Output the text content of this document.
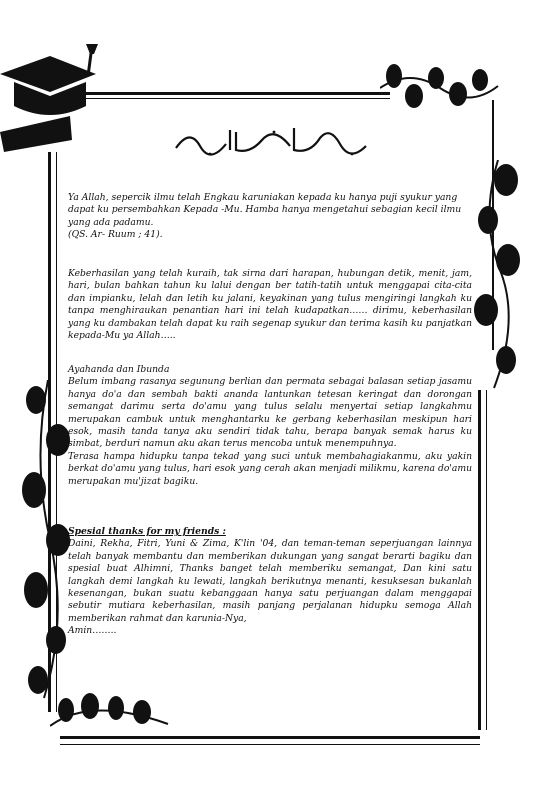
Ya Allah, sepercik ilmu telah Engkau karuniakan kepada ku hanya puji syukur yang dapat ku persembahkan Kepada -Mu. Hamba hanya mengetahui sebagian kecil ilmu yang ada padamu.

(QS. Ar- Ruum ; 41).

Keberhasilan yang telah kuraih, tak sirna dari harapan, hubungan detik, menit, jam, hari, bulan bahkan tahun ku lalui dengan ber tatih-tatih untuk menggapai cita-cita dan impianku, lelah dan letih ku jalani, keyakinan yang tulus mengiringi langkah ku tanpa menghiraukan penantian hari ini telah kudapatkan…… dirimu, keberhasilan yang ku dambakan telah dapat ku raih segenap syukur dan terima kasih ku panjatkan kepada-Mu ya Allah…..

Ayahanda dan Ibunda

Belum imbang rasanya segunung berlian dan permata sebagai balasan setiap jasamu hanya do'a dan sembah bakti ananda lantunkan tetesan keringat dan dorongan semangat darimu serta do'amu yang tulus selalu menyertai setiap langkahmu merupakan cambuk untuk menghantarku ke gerbang keberhasilan meskipun hari esok, masih tanda tanya aku sendiri tidak tahu, berapa banyak semak harus ku simbat, berduri namun aku akan terus mencoba untuk menempuhnya.

Terasa hampa hidupku tanpa tekad yang suci untuk membahagiakanmu, aku yakin berkat do'amu yang tulus, hari esok yang cerah akan menjadi milikmu, karena do'amu merupakan mu'jizat bagiku.

Spesial thanks for my friends :

Daini, Rekha, Fitri, Yuni & Zima, K'lin '04, dan teman-teman seperjuangan lainnya telah banyak membantu dan memberikan dukungan yang sangat berarti bagiku dan spesial buat Alhimni, Thanks banget telah memberiku semangat, Dan kini satu langkah demi langkah ku lewati, langkah berikutnya menanti, kesuksesan bukanlah kesenangan, bukan suatu kebanggaan hanya satu perjuangan dalam menggapai sebutir mutiara keberhasilan, masih panjang perjalanan hidupku semoga Allah memberikan rahmat dan karunia-Nya,

Amin……..
